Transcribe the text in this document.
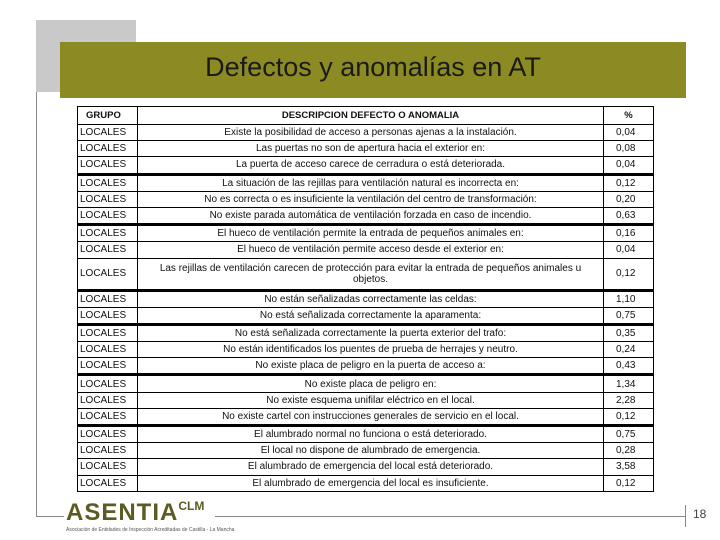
Defectos y anomalías en AT
GRUPO	DESCRIPCION DEFECTO O ANOMALIA	%
LOCALES	Existe la posibilidad de acceso a personas ajenas a la instalación.	0,04
LOCALES	Las puertas no son de apertura hacia el exterior en:	0,08
LOCALES	La puerta de acceso carece de cerradura o está deteriorada.	0,04
LOCALES	La situación de las rejillas para ventilación natural es incorrecta en:	0,12
LOCALES	No es correcta o es insuficiente la ventilación del centro de transformación:	0,20
LOCALES	No existe parada automática de ventilación forzada en caso de incendio.	0,63
LOCALES	El hueco de ventilación permite la entrada de pequeños animales en:	0,16
LOCALES	El hueco de ventilación permite acceso desde el exterior en:	0,04
LOCALES	Las rejillas de ventilación carecen de protección para evitar la entrada de pequeños animales u objetos.	0,12
LOCALES	No están señalizadas correctamente las celdas:	1,10
LOCALES	No está señalizada correctamente la aparamenta:	0,75
LOCALES	No está señalizada correctamente la puerta exterior del trafo:	0,35
LOCALES	No están identificados los puentes de prueba de herrajes y neutro.	0,24
LOCALES	No existe placa de peligro en la puerta de acceso a:	0,43
LOCALES	No existe placa de peligro en:	1,34
LOCALES	No existe esquema unifilar eléctrico en el local.	2,28
LOCALES	No existe cartel con instrucciones generales de servicio en el local.	0,12
LOCALES	El alumbrado normal no funciona o está deteriorado.	0,75
LOCALES	El local no dispone de alumbrado de emergencia.	0,28
LOCALES	El alumbrado de emergencia del local está deteriorado.	3,58
LOCALES	El alumbrado de emergencia del local es insuficiente.	0,12
$ASENTIA^{CLM}$
Asociación de Entidades de Inspección Acreditadas de Castilla - La Mancha
18
